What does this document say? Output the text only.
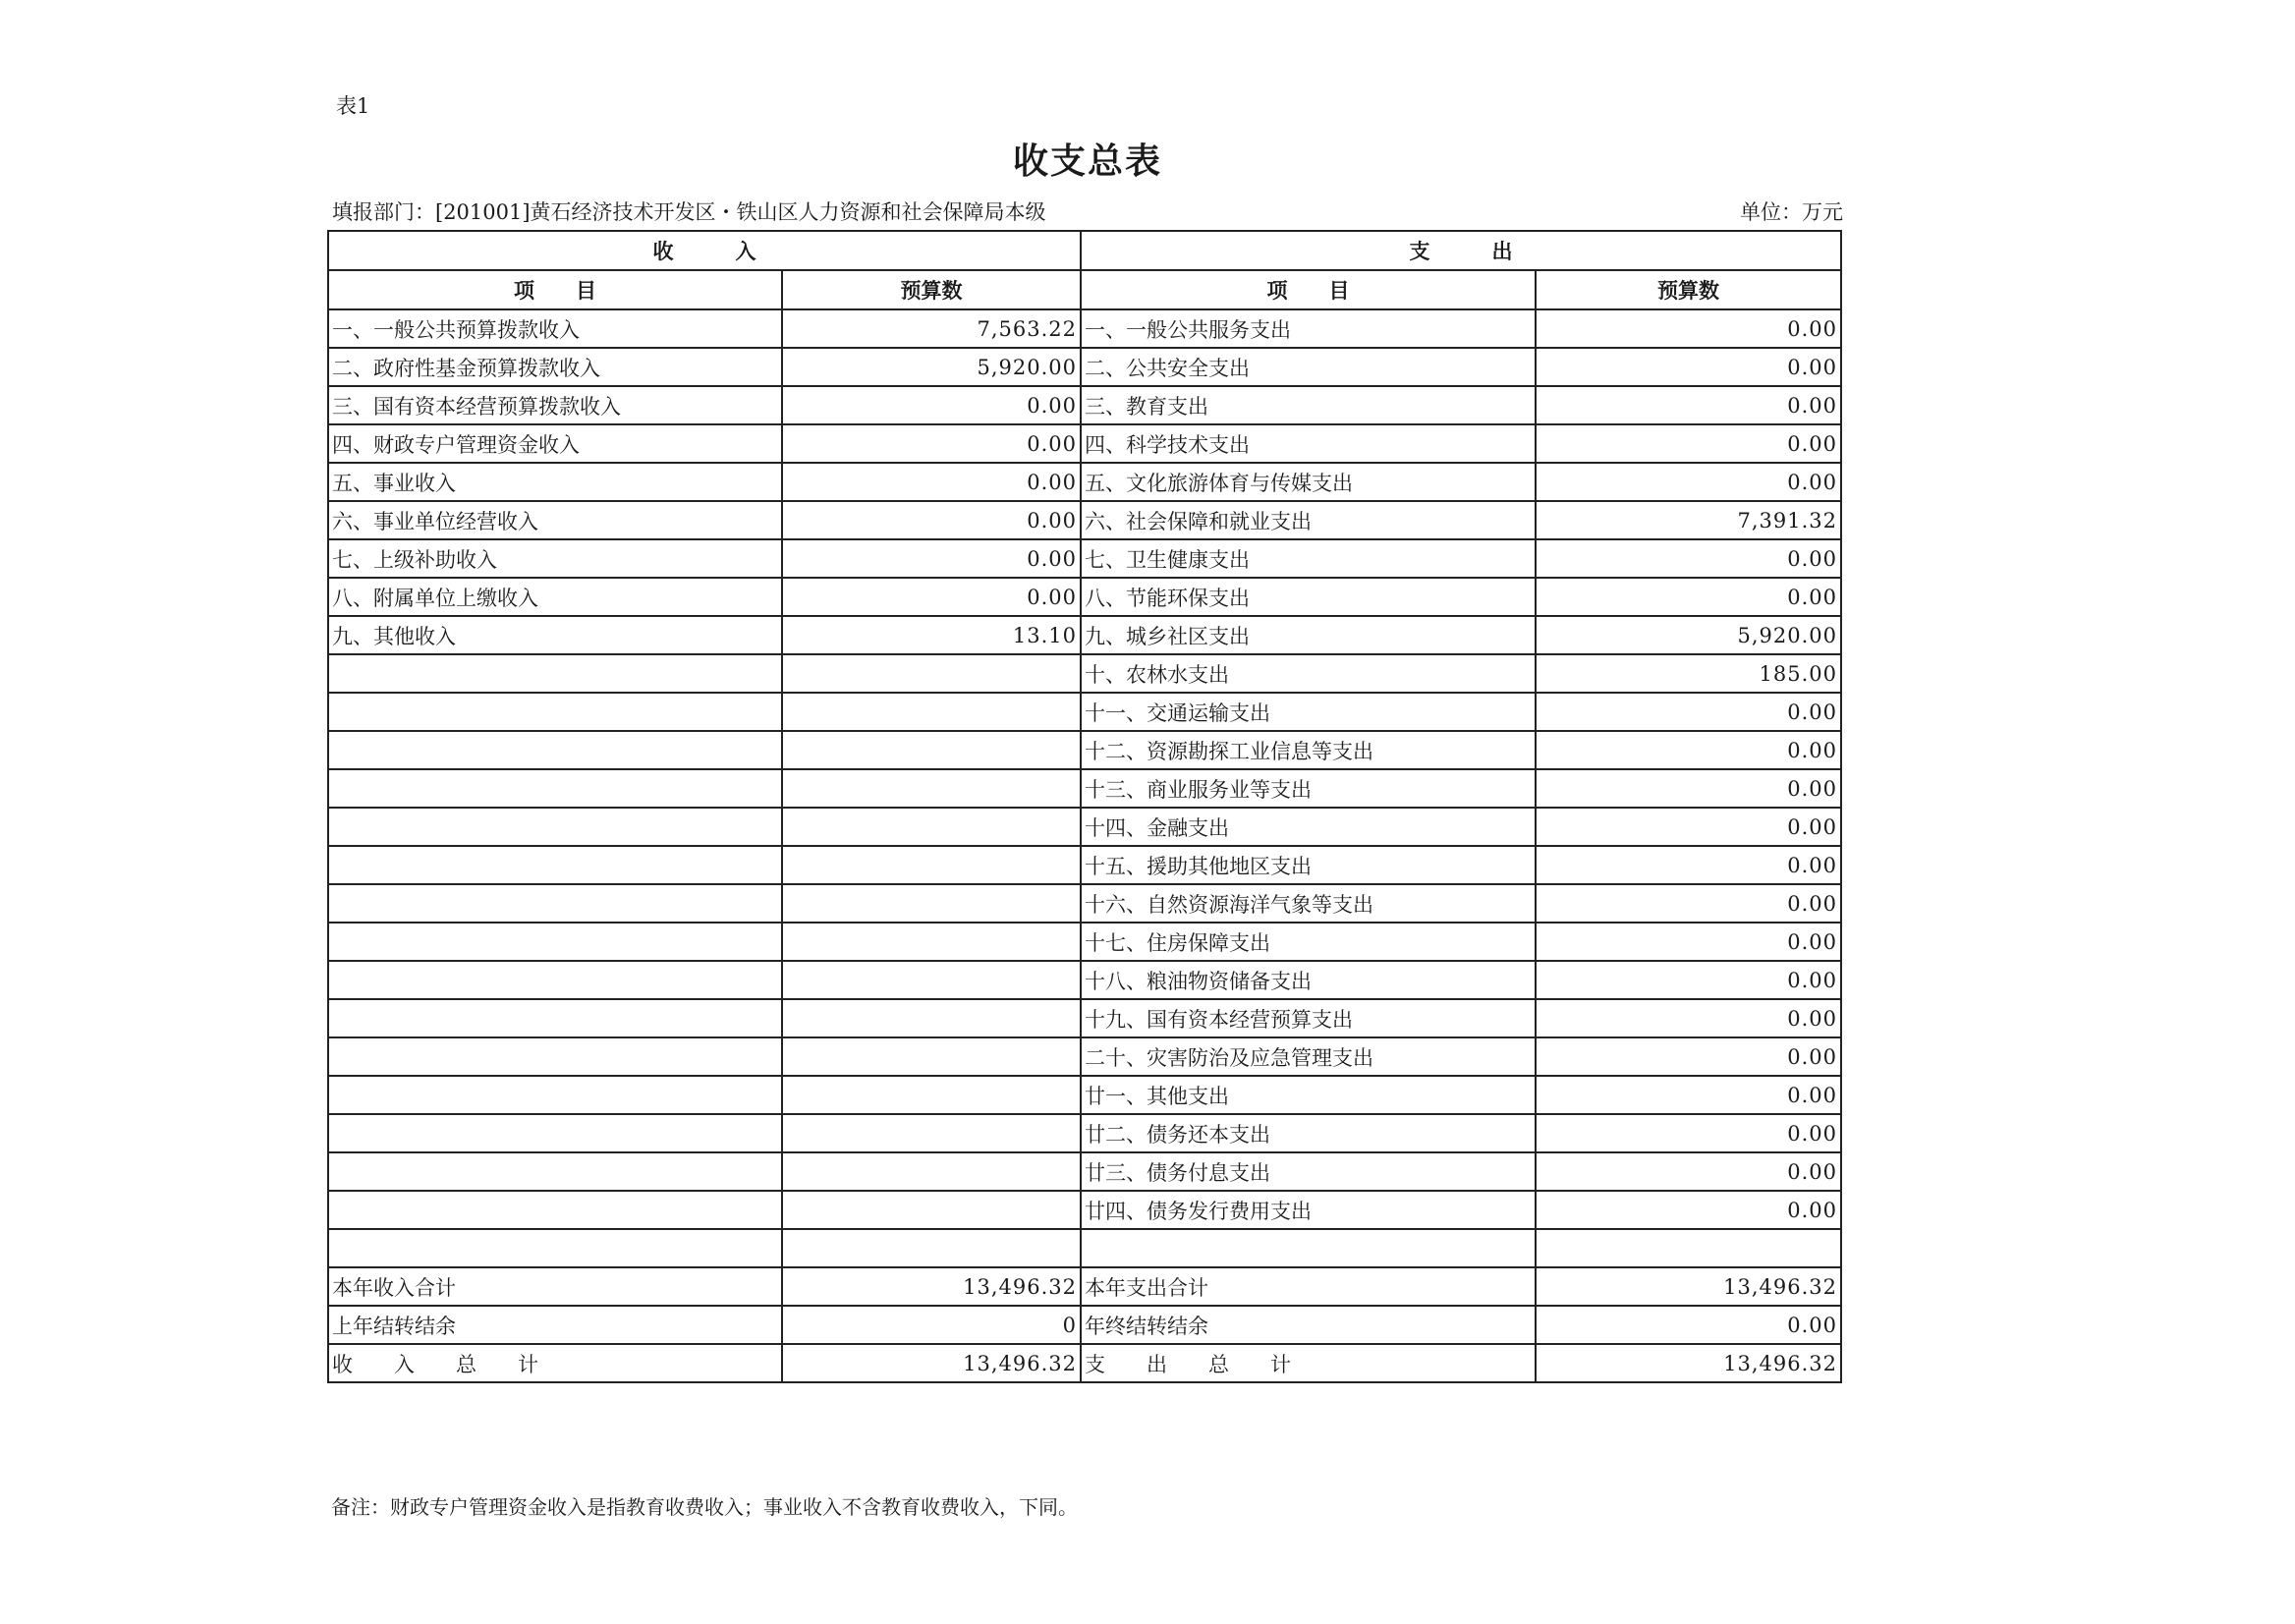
表1
收支总表
填报部门：[201001]黄石经济技术开发区・铁山区人力资源和社会保障局本级	单位：万元
收　　　入		支　　　出	
项　　目	预算数	项　　目	预算数
一、一般公共预算拨款收入	7,563.22	一、一般公共服务支出	0.00
二、政府性基金预算拨款收入	5,920.00	二、公共安全支出	0.00
三、国有资本经营预算拨款收入	0.00	三、教育支出	0.00
四、财政专户管理资金收入	0.00	四、科学技术支出	0.00
五、事业收入	0.00	五、文化旅游体育与传媒支出	0.00
六、事业单位经营收入	0.00	六、社会保障和就业支出	7,391.32
七、上级补助收入	0.00	七、卫生健康支出	0.00
八、附属单位上缴收入	0.00	八、节能环保支出	0.00
九、其他收入	13.10	九、城乡社区支出	5,920.00
		十、农林水支出	185.00
		十一、交通运输支出	0.00
		十二、资源勘探工业信息等支出	0.00
		十三、商业服务业等支出	0.00
		十四、金融支出	0.00
		十五、援助其他地区支出	0.00
		十六、自然资源海洋气象等支出	0.00
		十七、住房保障支出	0.00
		十八、粮油物资储备支出	0.00
		十九、国有资本经营预算支出	0.00
		二十、灾害防治及应急管理支出	0.00
		廿一、其他支出	0.00
		廿二、债务还本支出	0.00
		廿三、债务付息支出	0.00
		廿四、债务发行费用支出	0.00

本年收入合计	13,496.32	本年支出合计	13,496.32
上年结转结余	0	年终结转结余	0.00
收　　入　　总　　计	13,496.32	支　　出　　总　　计	13,496.32
备注：财政专户管理资金收入是指教育收费收入；事业收入不含教育收费收入，下同。
